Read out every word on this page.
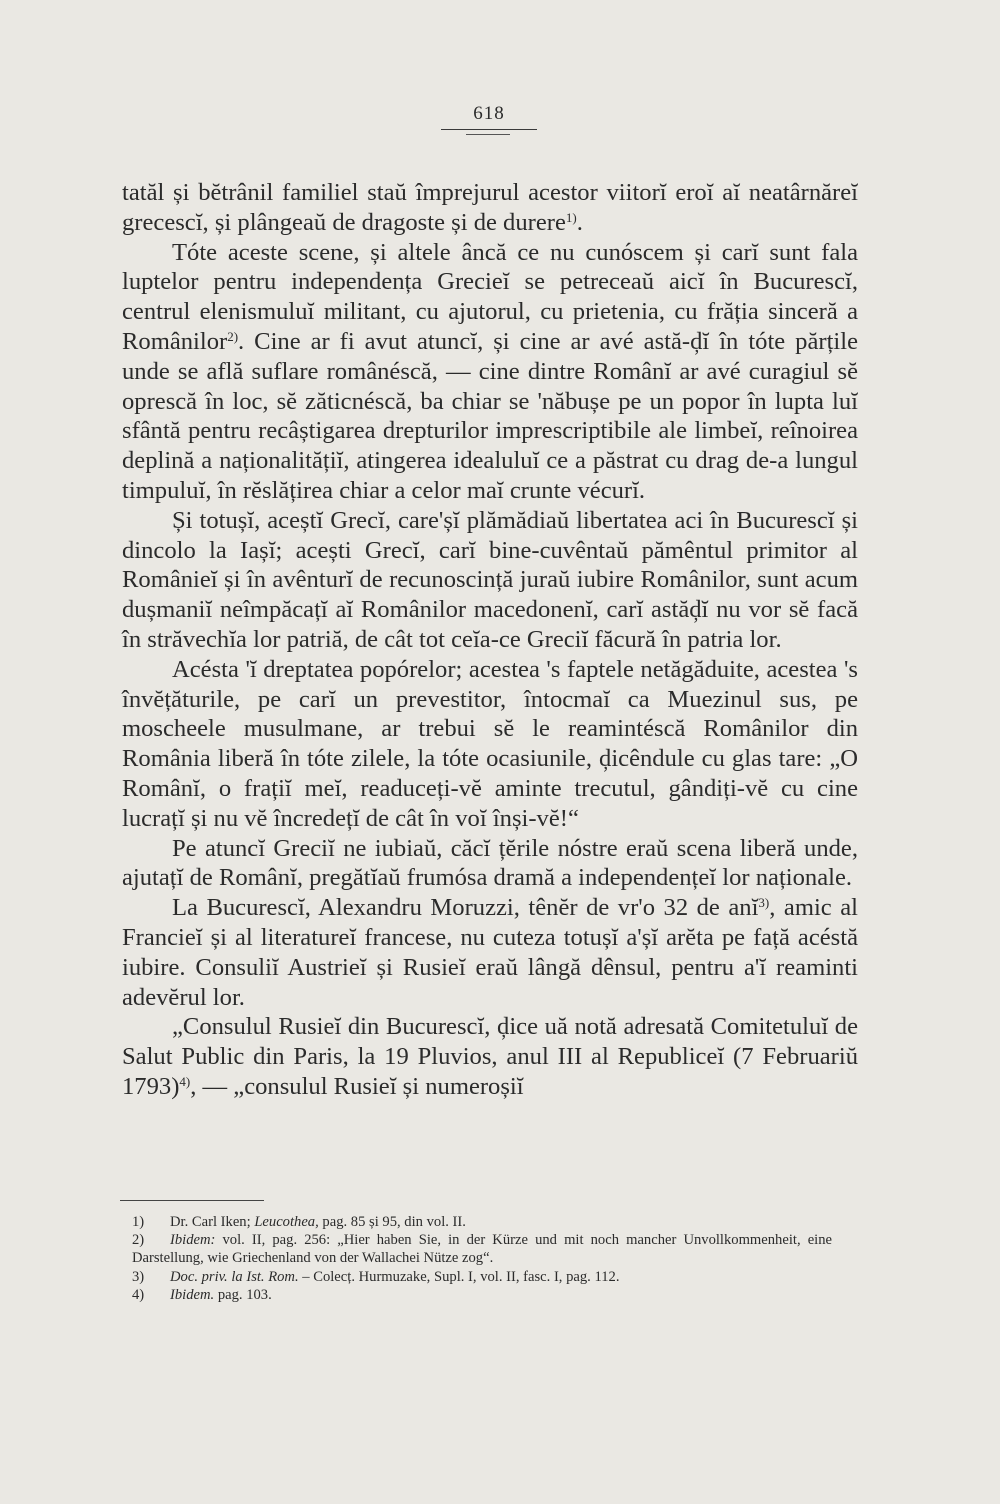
618

tatăl și bĕtrânil familiel staŭ împrejurul acestor viitorĭ eroĭ aĭ neatârnăreĭ grecescĭ, și plângeaŭ de dragoste și de durere$^{1)}$.

Tóte aceste scene, și altele âncă ce nu cunóscem și carĭ sunt fala luptelor pentru independența Grecieĭ se petreceaŭ aicĭ în Bucurescĭ, centrul elenismuluĭ militant, cu ajutorul, cu prietenia, cu frăția sinceră a Românilor$^{2)}$. Cine ar fi avut atuncĭ, și cine ar avé astă-ḑĭ în tóte părțile unde se află suflare românéscă, — cine dintre Românĭ ar avé curagiul sĕ oprescă în loc, sĕ zăticnéscă, ba chiar se 'năbușe pe un popor în lupta luĭ sfântă pentru recâștigarea drepturilor imprescriptibile ale limbeĭ, reînoirea deplină a naționalitățiĭ, atingerea idealuluĭ ce a păstrat cu drag de-a lungul timpuluĭ, în rĕslățirea chiar a celor maĭ crunte vécurĭ.

Și totușĭ, aceștĭ Grecĭ, care'șĭ plămădiaŭ libertatea aci în Bucurescĭ și dincolo la Iașĭ; acești Grecĭ, carĭ bine-cuvêntaŭ pămêntul primitor al Românieĭ și în avênturĭ de recunoscință juraŭ iubire Românilor, sunt acum dușmaniĭ neîmpăcațĭ aĭ Românilor macedonenĭ, carĭ astăḑĭ nu vor sĕ facă în străvechĭa lor patriă, de cât tot ceĭa-ce Greciĭ făcură în patria lor.

Acésta 'ĭ dreptatea popórelor; acestea 's faptele netăgăduite, acestea 's învĕțăturile, pe carĭ un prevestitor, întocmaĭ ca Muezinul sus, pe moscheele musulmane, ar trebui sĕ le reamintéscă Românilor din România liberă în tóte zilele, la tóte ocasiunile, ḑicêndule cu glas tare: „O Românĭ, o frațiĭ meĭ, readuceți-vĕ aminte trecutul, gândiți-vĕ cu cine lucrațĭ și nu vĕ încredețĭ de cât în voĭ înși-vĕ!“

Pe atuncĭ Greciĭ ne iubiaŭ, căcĭ țĕrile nóstre eraŭ scena liberă unde, ajutațĭ de Românĭ, pregătĭaŭ frumósa dramă a independențeĭ lor naționale.

La Bucurescĭ, Alexandru Moruzzi, tênĕr de vr'o 32 de anĭ$^{3)}$, amic al Francieĭ și al literatureĭ francese, nu cuteza totușĭ a'șĭ arĕta pe față acéstă iubire. Consuliĭ Austrieĭ și Rusieĭ eraŭ lângă dênsul, pentru a'ĭ reaminti adevĕrul lor.

„Consulul Rusieĭ din Bucurescĭ, ḑice uă notă adresată Comitetuluĭ de Salut Public din Paris, la 19 Pluvios, anul III al Republiceĭ (7 Februariŭ 1793)$^{4)}$, — „consulul Rusieĭ și numeroșiĭ

1) Dr. Carl Iken; Leucothea, pag. 85 și 95, din vol. II.

2) Ibidem: vol. II, pag. 256: „Hier haben Sie, in der Kürze und mit noch mancher Unvollkommenheit, eine Darstellung, wie Griechenland von der Wallachei Nütze zog“.

3) Doc. priv. la Ist. Rom. – Colecț. Hurmuzake, Supl. I, vol. II, fasc. I, pag. 112.

4) Ibidem. pag. 103.
